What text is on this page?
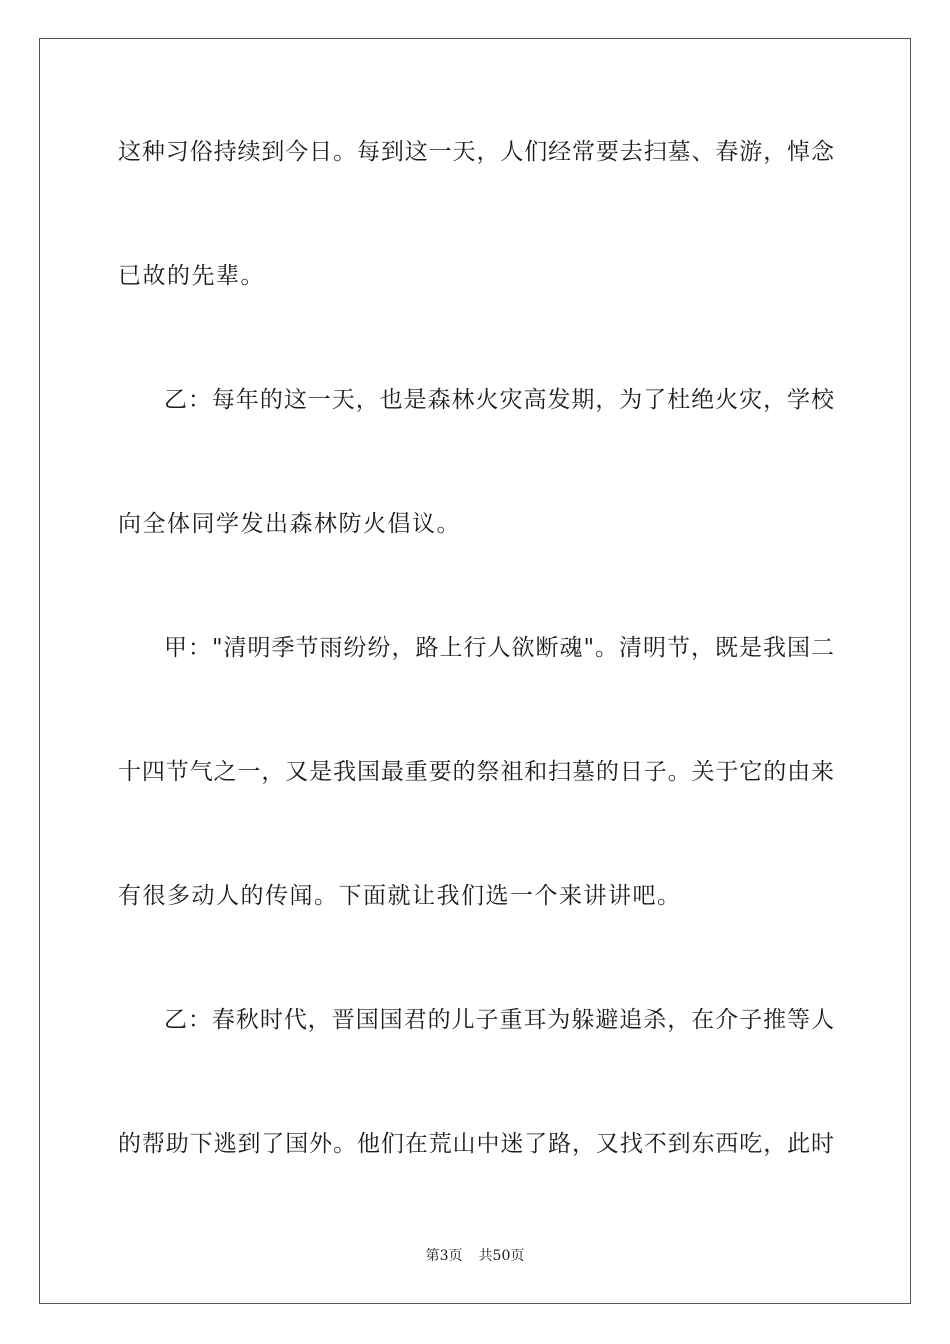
这种习俗持续到今日。每到这一天，人们经常要去扫墓、春游，悼念
已故的先辈。
乙：每年的这一天，也是森林火灾高发期，为了杜绝火灾，学校
向全体同学发出森林防火倡议。
甲："清明季节雨纷纷，路上行人欲断魂"。清明节，既是我国二
十四节气之一，又是我国最重要的祭祖和扫墓的日子。关于它的由来
有很多动人的传闻。下面就让我们选一个来讲讲吧。
乙：春秋时代，晋国国君的儿子重耳为躲避追杀，在介子推等人
的帮助下逃到了国外。他们在荒山中迷了路，又找不到东西吃，此时
第3页 共50页
